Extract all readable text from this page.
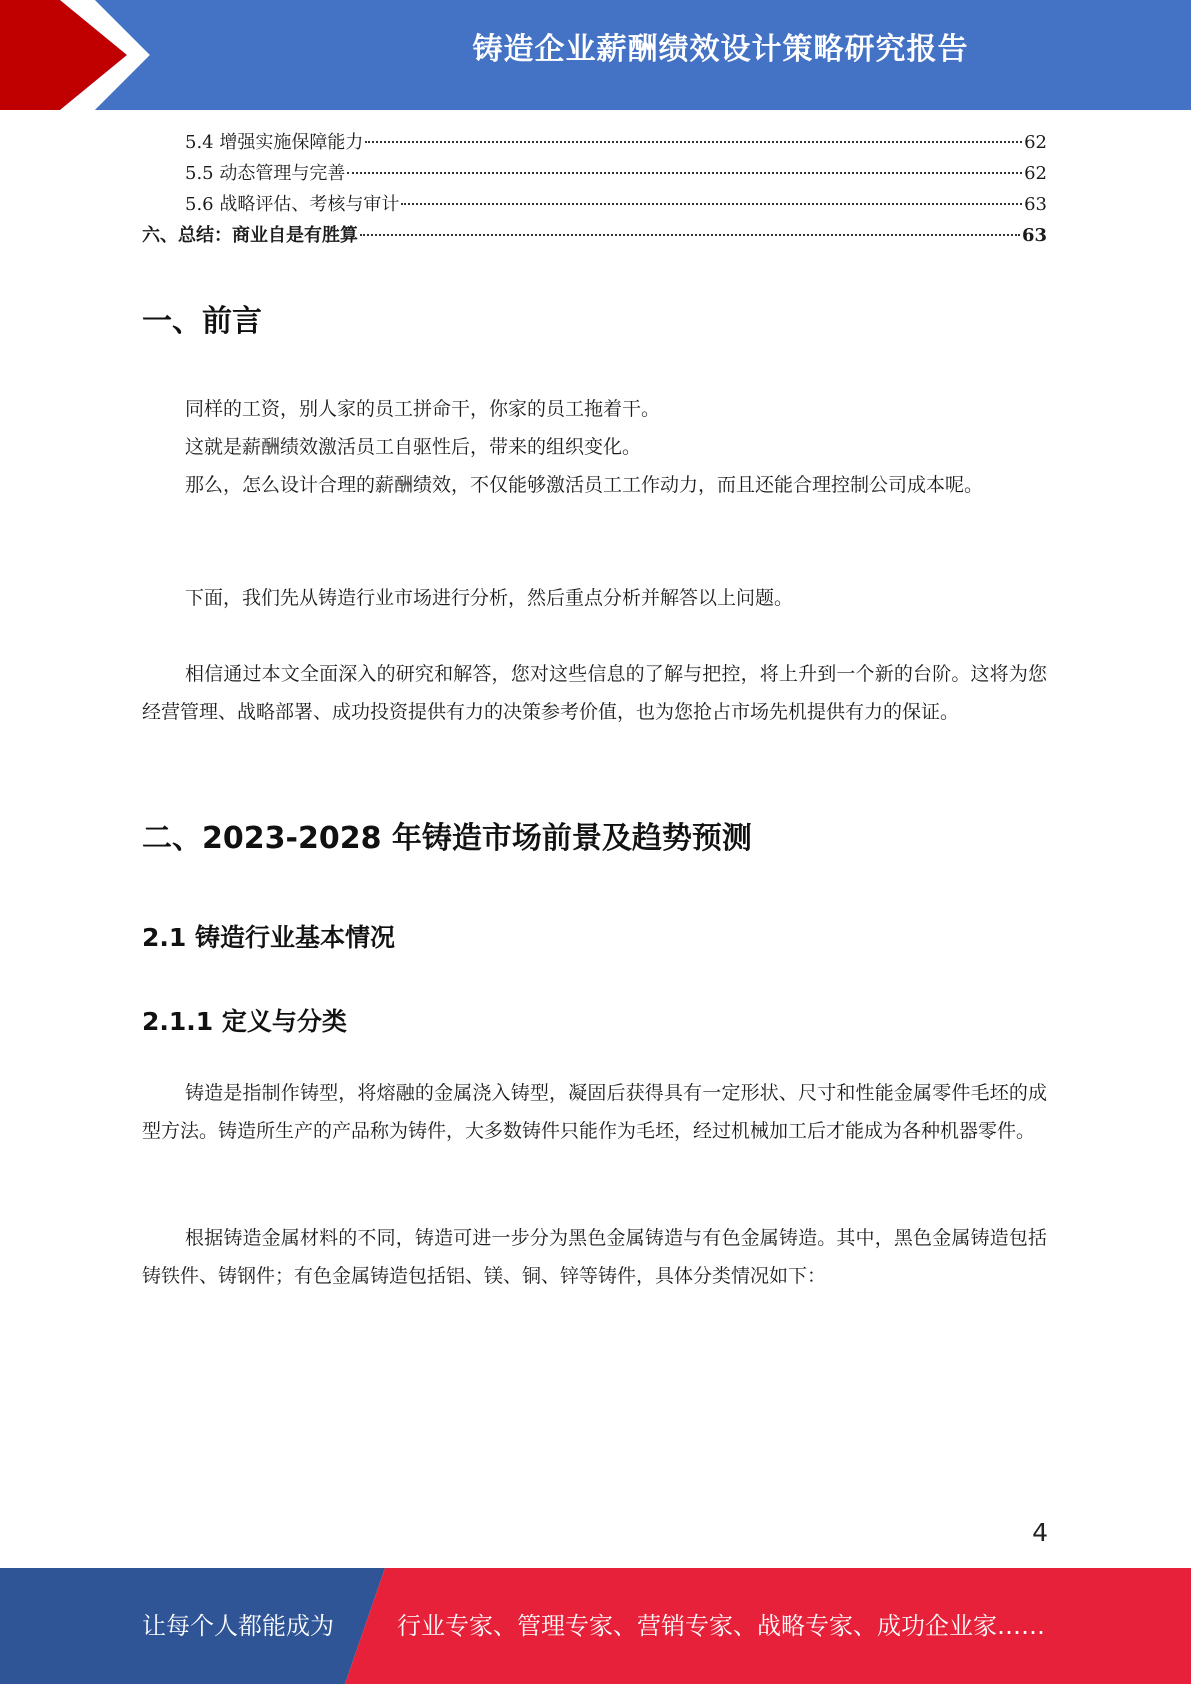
铸造企业薪酬绩效设计策略研究报告
5.4 增强实施保障能力	62
5.5 动态管理与完善	62
5.6 战略评估、考核与审计	63
六、总结：商业自是有胜算	63
一、前言

同样的工资，别人家的员工拼命干，你家的员工拖着干。

这就是薪酬绩效激活员工自驱性后，带来的组织变化。

那么，怎么设计合理的薪酬绩效，不仅能够激活员工工作动力，而且还能合理控制公司成本呢。

下面，我们先从铸造行业市场进行分析，然后重点分析并解答以上问题。

相信通过本文全面深入的研究和解答，您对这些信息的了解与把控，将上升到一个新的台阶。这将为您经营管理、战略部署、成功投资提供有力的决策参考价值，也为您抢占市场先机提供有力的保证。

二、2023-2028 年铸造市场前景及趋势预测
2.1 铸造行业基本情况
2.1.1 定义与分类

铸造是指制作铸型，将熔融的金属浇入铸型，凝固后获得具有一定形状、尺寸和性能金属零件毛坯的成型方法。铸造所生产的产品称为铸件，大多数铸件只能作为毛坯，经过机械加工后才能成为各种机器零件。

根据铸造金属材料的不同，铸造可进一步分为黑色金属铸造与有色金属铸造。其中，黑色金属铸造包括铸铁件、铸钢件；有色金属铸造包括铝、镁、铜、锌等铸件，具体分类情况如下：

4
让每个人都能成为	行业专家、管理专家、营销专家、战略专家、成功企业家……
